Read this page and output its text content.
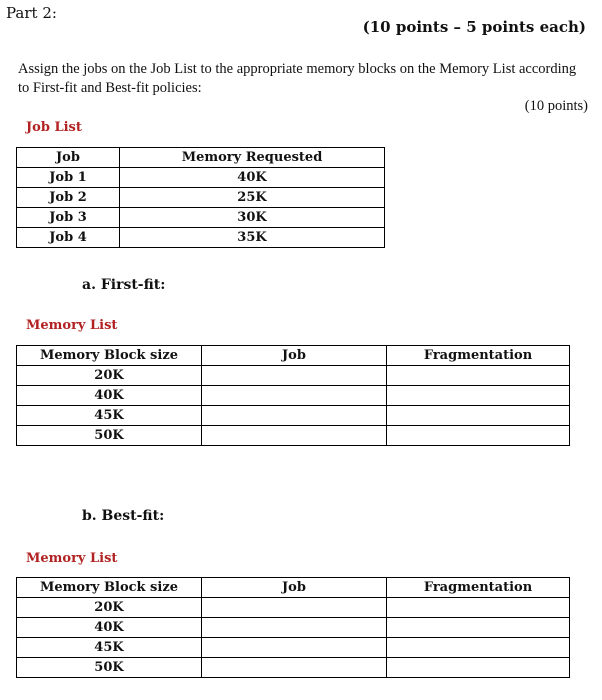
Part 2:
(10 points – 5 points each)
Assign the jobs on the Job List to the appropriate memory blocks on the Memory List according to First-fit and Best-fit policies:
(10 points)
Job List
Job	Memory Requested
Job 1	40K
Job 2	25K
Job 3	30K
Job 4	35K
a. First-fit:
Memory List
Memory Block size	Job	Fragmentation
20K		
40K		
45K		
50K		
b. Best-fit:
Memory List
Memory Block size	Job	Fragmentation
20K		
40K		
45K		
50K		
